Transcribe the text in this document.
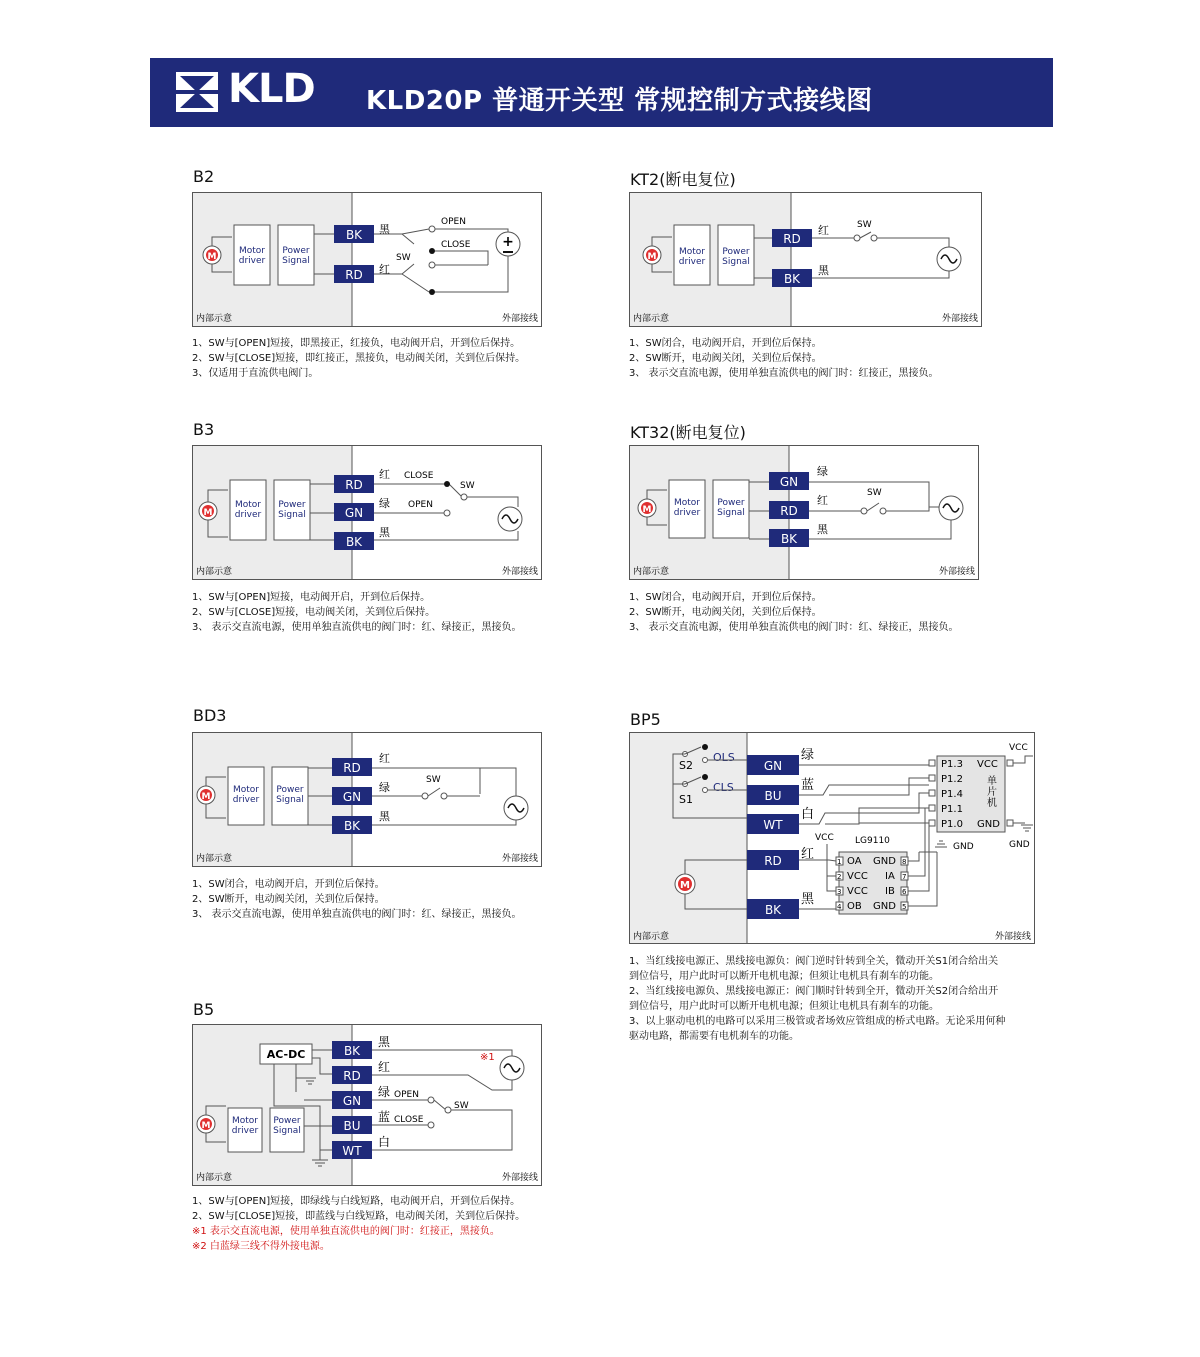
KLD KLD20P 普通开关型 常规控制方式接线图
B2	KT2(断电复位)
B3	KT32(断电复位)
BD3	BP5
B5
M
Motor
driver
Power
Signal
BK
RD
黑
红
OPEN
CLOSE
SW
+
内部示意	外部接线
1、SW与[OPEN]短接，即黑接正，红接负，电动阀开启，开到位后保持。
2、SW与[CLOSE]短接，即红接正，黑接负，电动阀关闭，关到位后保持。
3、仅适用于直流供电阀门。
M	Motor
driver
Power
Signal
RD
BK
红
黑
SW
内部示意	外部接线
1、SW闭合，电动阀开启，开到位后保持。
2、SW断开，电动阀关闭，关到位后保持。
3、 表示交直流电源，使用单独直流供电的阀门时：红接正，黑接负。
M
Motor
driver
Power
Signal
RD
GN
BK
红
绿
黑
CLOSE
OPEN
SW
内部示意	外部接线
1、SW与[OPEN]短接，电动阀开启，开到位后保持。
2、SW与[CLOSE]短接，电动阀关闭，关到位后保持。
3、 表示交直流电源，使用单独直流供电的阀门时：红、绿接正，黑接负。
M
Motor
driver
Power
Signal
GN
RD
BK
绿
红
黑
SW
内部示意	外部接线
1、SW闭合，电动阀开启，开到位后保持。
2、SW断开，电动阀关闭，关到位后保持。
3、 表示交直流电源，使用单独直流供电的阀门时：红、绿接正，黑接负。
M
Motor
driver
Power
Signal
RD
GN
BK
红
绿
黑
SW
内部示意	外部接线
1、SW闭合，电动阀开启，开到位后保持。
2、SW断开，电动阀关闭，关到位后保持。
3、 表示交直流电源，使用单独直流供电的阀门时：红、绿接正，黑接负。
AC-DC
M Motor
driver
Power
Signal
BK
RD
GN
BU
WT
黑
红
绿
蓝
白
OPEN
CLOSE
SW
※1
内部示意	外部接线
1、SW与[OPEN]短接，即绿线与白线短路，电动阀开启，开到位后保持。
2、SW与[CLOSE]短接，即蓝线与白线短路，电动阀关闭，关到位后保持。
※1 表示交直流电源，使用单独直流供电的阀门时：红接正，黑接负。
※2 白蓝绿三线不得外接电源。
S2
S1
OLS
CLS
GN
BU
WT
RD
BK
绿
蓝
白
红
黑
M
P1.3
P1.2
P1.4
P1.1
P1.0
VCC
GND
单
片
机
VCC
GND
LG9110
1 OA
2 VCC
3 VCC
4 OB
8
GND
7
IA
6
IB
5
GND
VCC
GND
内部示意	外部接线
1、当红线接电源正、黑线接电源负：阀门逆时针转到全关，微动开关S1闭合给出关
到位信号，用户此时可以断开电机电源；但须让电机具有刹车的功能。
2、当红线接电源负、黑线接电源正：阀门顺时针转到全开，微动开关S2闭合给出开
到位信号，用户此时可以断开电机电源；但须让电机具有刹车的功能。
3、以上驱动电机的电路可以采用三极管或者场效应管组成的桥式电路。无论采用何种
驱动电路，都需要有电机刹车的功能。
